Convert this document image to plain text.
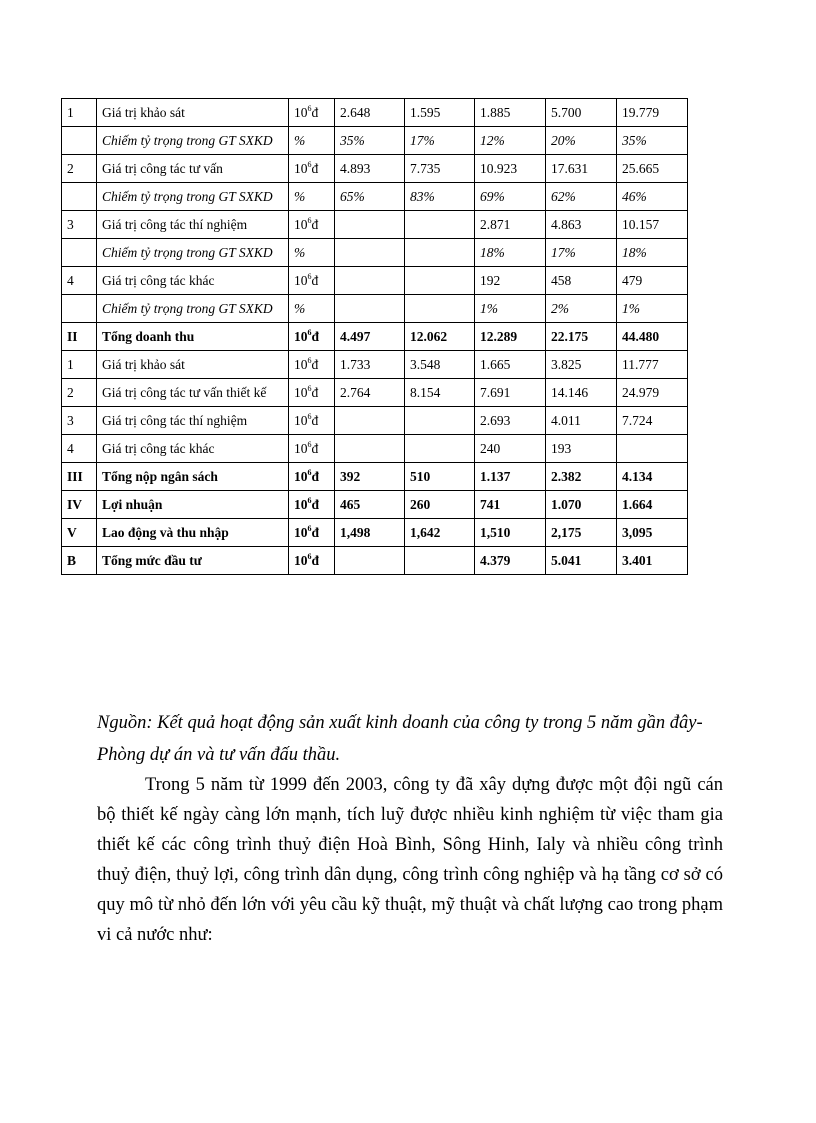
1	Giá trị khảo sát	$10^6đ$	2.648	1.595	1.885	5.700	19.779
	Chiếm tỷ trọng trong GT SXKD	%	35%	17%	12%	20%	35%
2	Giá trị công tác tư vấn	$10^6đ$	4.893	7.735	10.923	17.631	25.665
	Chiếm tỷ trọng trong GT SXKD	%	65%	83%	69%	62%	46%
3	Giá trị công tác thí nghiệm	$10^6đ$			2.871	4.863	10.157
	Chiếm tỷ trọng trong GT SXKD	%			18%	17%	18%
4	Giá trị công tác khác	$10^6đ$			192	458	479
	Chiếm tỷ trọng trong GT SXKD	%			1%	2%	1%
II	Tổng doanh thu	$10^6đ$	4.497	12.062	12.289	22.175	44.480
1	Giá trị khảo sát	$10^6đ$	1.733	3.548	1.665	3.825	11.777
2	Giá trị công tác tư vấn thiết kế	$10^6đ$	2.764	8.154	7.691	14.146	24.979
3	Giá trị công tác thí nghiệm	$10^6đ$			2.693	4.011	7.724
4	Giá trị công tác khác	$10^6đ$			240	193	
III	Tổng nộp ngân sách	$10^6đ$	392	510	1.137	2.382	4.134
IV	Lợi nhuận	$10^6đ$	465	260	741	1.070	1.664
V	Lao động và thu nhập	$10^6đ$	1,498	1,642	1,510	2,175	3,095
B	Tổng mức đầu tư	$10^6đ$			4.379	5.041	3.401
Nguồn: Kết quả hoạt động sản xuất kinh doanh của công ty trong 5 năm gần đây- Phòng dự án và tư vấn đấu thầu.
Trong 5 năm từ 1999 đến 2003, công ty đã xây dựng được một đội ngũ cán bộ thiết kế ngày càng lớn mạnh, tích luỹ được nhiều kinh nghiệm từ việc tham gia thiết kế các công trình thuỷ điện Hoà Bình, Sông Hinh, Ialy và nhiều công trình thuỷ điện, thuỷ lợi, công trình dân dụng, công trình công nghiệp và hạ tầng cơ sở có quy mô từ nhỏ đến lớn với yêu cầu kỹ thuật, mỹ thuật và chất lượng cao trong phạm vi cả nước như:
